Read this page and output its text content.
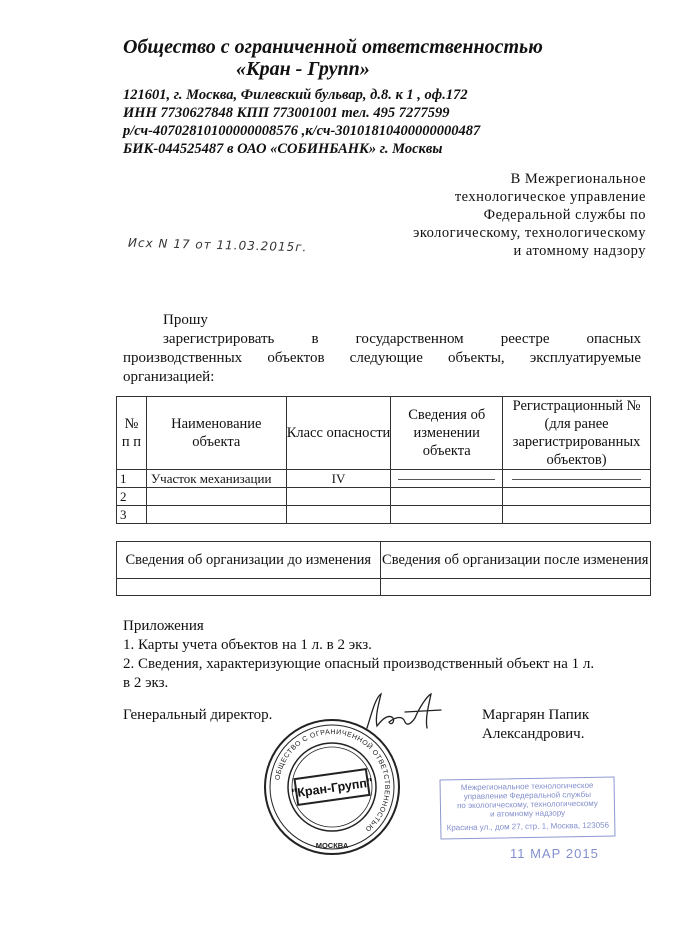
Общество с ограниченной ответственностью
«Кран - Групп»
121601, г. Москва, Филевский бульвар, д.8. к 1 , оф.172
ИНН 7730627848 КПП 773001001 тел. 495 7277599
р/сч-40702810100000008576 ,к/сч-30101810400000000487
БИК-044525487 в ОАО «СОБИНБАНК» г. Москвы
В Межрегиональное
технологическое управление
Федеральной службы по
экологическому, технологическому
и атомному надзору
Исх N 17 от 11.03.2015г.
Прошу
зарегистрировать в государственном реестре опасных
производственных объектов следующие объекты, эксплуатируемые
организацией:
№ п п	Наименование объекта	Класс опасности	Сведения об изменении объекта	Регистрационный № (для ранее зарегистрированных объектов)
1	Участок механизации	IV		
2				
3				
Сведения об организации до изменения	Сведения об организации после изменения

Приложения
1. Карты учета объектов на 1 л. в 2 экз.
2. Сведения, характеризующие опасный производственный объект на 1 л.
в 2 экз.
Генеральный директор.	Маргарян Папик
Александрович.
ОБЩЕСТВО С ОГРАНИЧЕННОЙ ОТВЕТСТВЕННОСТЬЮ
МОСКВА
"Кран-Групп"	Межрегиональное технологическое
управление Федеральной службы
по экологическому, технологическому
и атомному надзору
Красина ул., дом 27, стр. 1, Москва, 123056
11 МАР 2015
